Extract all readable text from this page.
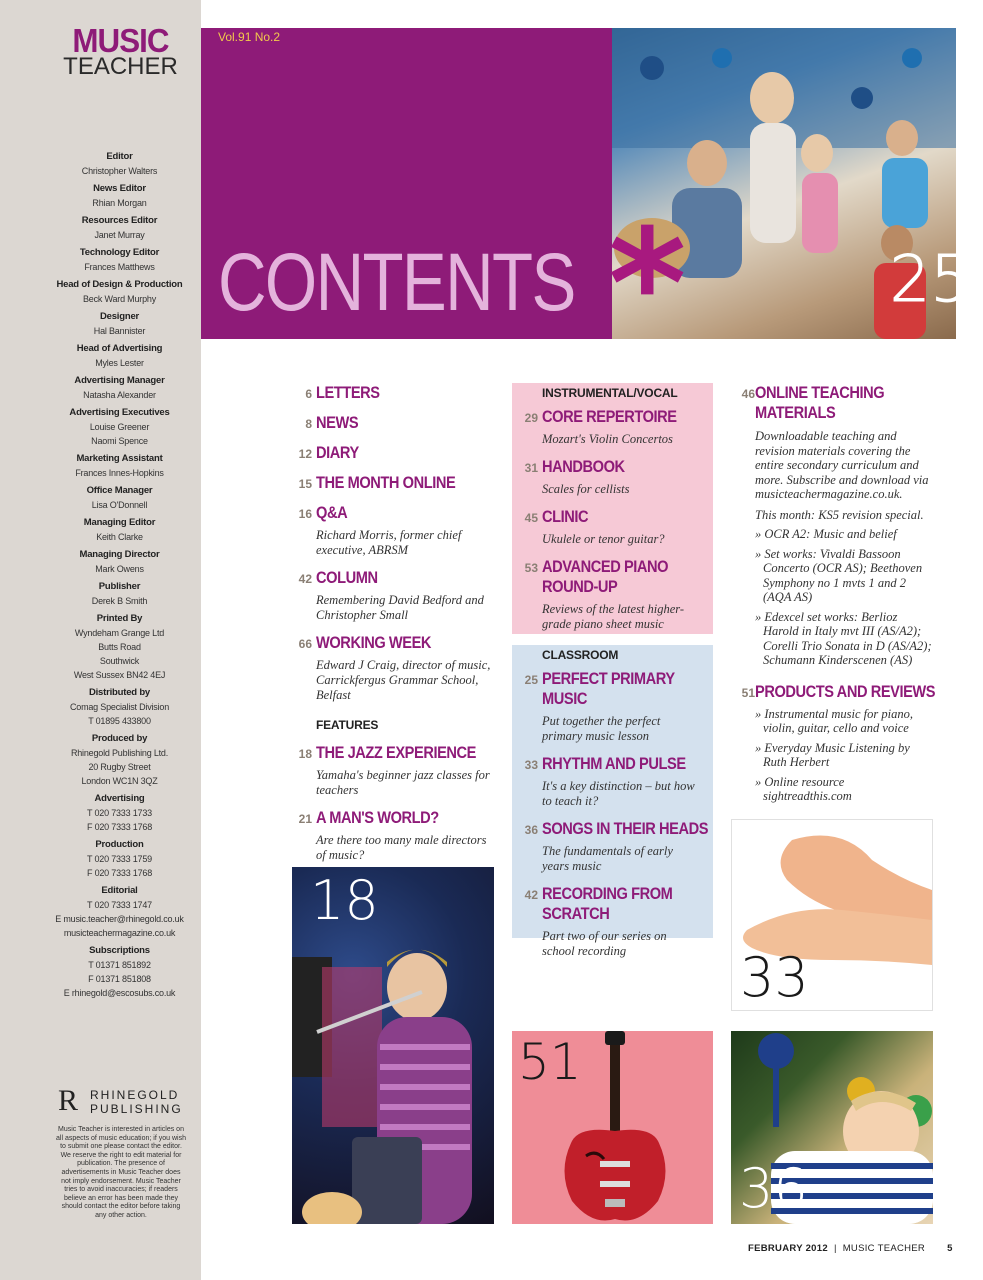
MUSIC
TEACHER
Editor
Christopher Walters
News Editor
Rhian Morgan
Resources Editor
Janet Murray
Technology Editor
Frances Matthews
Head of Design & Production
Beck Ward Murphy
Designer
Hal Bannister
Head of Advertising
Myles Lester
Advertising Manager
Natasha Alexander
Advertising Executives
Louise Greener
Naomi Spence
Marketing Assistant
Frances Innes-Hopkins
Office Manager
Lisa O'Donnell
Managing Editor
Keith Clarke
Managing Director
Mark Owens
Publisher
Derek B Smith
Printed By
Wyndeham Grange Ltd
Butts Road
Southwick
West Sussex BN42 4EJ
Distributed by
Comag Specialist Division
T 01895 433800
Produced by
Rhinegold Publishing Ltd.
20 Rugby Street
London WC1N 3QZ
Advertising
T 020 7333 1733
F 020 7333 1768
Production
T 020 7333 1759
F 020 7333 1768
Editorial
T 020 7333 1747
E music.teacher@rhinegold.co.uk
musicteachermagazine.co.uk
Subscriptions
T 01371 851892
F 01371 851808
E rhinegold@escosubs.co.uk
R RHINEGOLD
PUBLISHING
Music Teacher is interested in articles on all aspects of music education; if you wish to submit one please contact the editor. We reserve the right to edit material for publication. The presence of advertisements in Music Teacher does not imply endorsement. Music Teacher tries to avoid inaccuracies; if readers believe an error has been made they should contact the editor before taking any other action.
Vol.91 No.2
CONTENTS *	25
6 LETTERS
8 NEWS
12 DIARY
15 THE MONTH ONLINE
16 Q&A
Richard Morris, former chief executive, ABRSM
42 COLUMN
Remembering David Bedford and Christopher Small
66 WORKING WEEK
Edward J Craig, director of music, Carrickfergus Grammar School, Belfast
FEATURES
18 THE JAZZ EXPERIENCE
Yamaha's beginner jazz classes for teachers
21 A MAN'S WORLD?
Are there too many male directors of music?
INSTRUMENTAL/VOCAL
29 CORE REPERTOIRE
Mozart's Violin Concertos
31 HANDBOOK
Scales for cellists
45 CLINIC
Ukulele or tenor guitar?
53 ADVANCED PIANO ROUND-UP
Reviews of the latest higher-grade piano sheet music
CLASSROOM
25 PERFECT PRIMARY MUSIC
Put together the perfect primary music lesson
33 RHYTHM AND PULSE
It's a key distinction – but how to teach it?
36 SONGS IN THEIR HEADS
The fundamentals of early years music
42 RECORDING FROM SCRATCH
Part two of our series on school recording
46 ONLINE TEACHING MATERIALS
Downloadable teaching and revision materials covering the entire secondary curriculum and more. Subscribe and download via musicteachermagazine.co.uk.
This month: KS5 revision special.
» OCR A2: Music and belief
» Set works: Vivaldi Bassoon Concerto (OCR AS); Beethoven Symphony no 1 mvts 1 and 2 (AQA AS)
» Edexcel set works: Berlioz Harold in Italy mvt III (AS/A2); Corelli Trio Sonata in D (AS/A2); Schumann Kinderscenen (AS)
51 PRODUCTS AND REVIEWS
» Instrumental music for piano, violin, guitar, cello and voice
» Everyday Music Listening by Ruth Herbert
» Online resource sightreadthis.com
18
51
33
36
FEBRUARY 2012 | MUSIC TEACHER 5
